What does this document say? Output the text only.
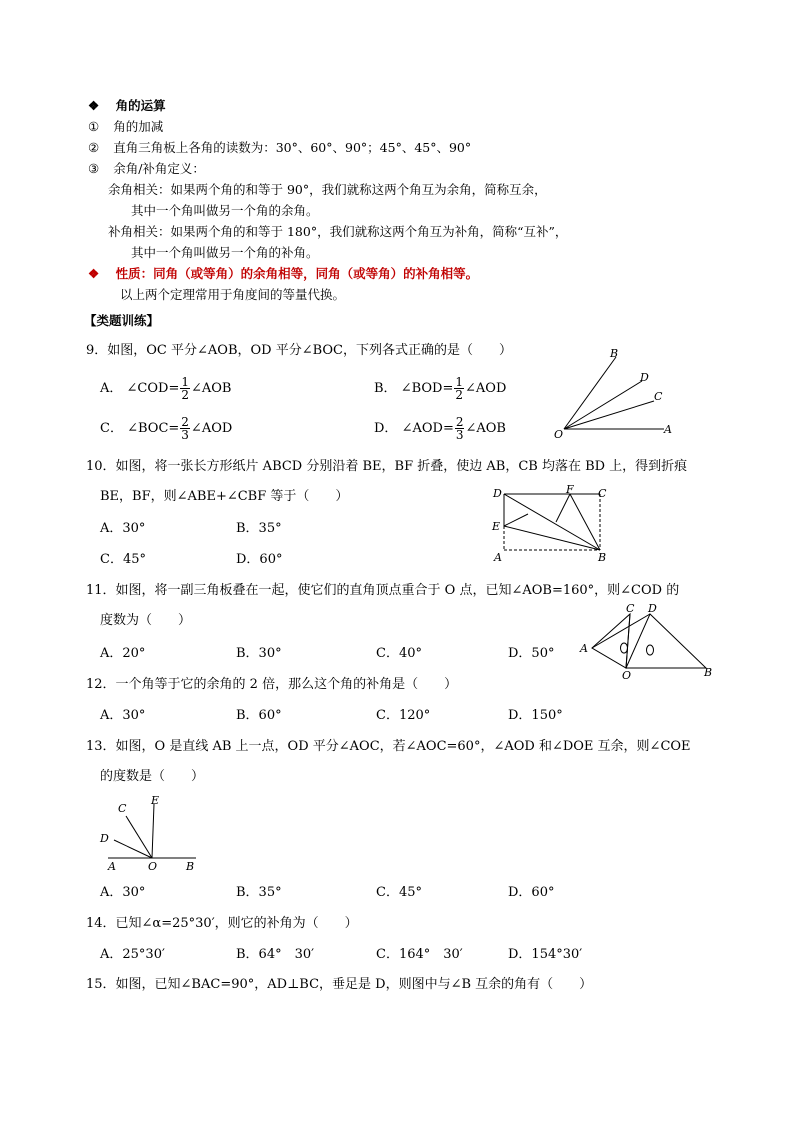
❖ 角的运算
① 角的加减
② 直角三角板上各角的读数为：30°、60°、90°；45°、45°、90°
③ 余角/补角定义：
余角相关：如果两个角的和等于 90°，我们就称这两个角互为余角，简称互余，
其中一个角叫做另一个角的余角。
补角相关：如果两个角的和等于 180°，我们就称这两个角互为补角，简称“互补”，
其中一个角叫做另一个角的补角。
❖ 性质：同角（或等角）的余角相等，同角（或等角）的补角相等。
以上两个定理常用于角度间的等量代换。
【类题训练】
9．如图，OC 平分∠AOB，OD 平分∠BOC，下列各式正确的是（　　）
A． ∠COD= $\frac{1}{2}$ ∠AOB	B． ∠BOD= $\frac{1}{2}$ ∠AOD
C． ∠BOC= $\frac{2}{3}$ ∠AOD	D． ∠AOD= $\frac{2}{3}$ ∠AOB
B
D
C
O	A
10．如图，将一张长方形纸片 ABCD 分别沿着 BE，BF 折叠，使边 AB，CB 均落在 BD 上，得到折痕
BE，BF，则∠ABE+∠CBF 等于（　　）
A．30°	B．35°
C．45°	D．60°
D	F C
E
A	B
11．如图，将一副三角板叠在一起，使它们的直角顶点重合于 O 点，已知∠AOB=160°，则∠COD 的
度数为（　　）
A．20°	B．30°	C．40°	D．50°
C D
A
O	B
12．一个角等于它的余角的 2 倍，那么这个角的补角是（　　）
A．30°	B．60°	C．120°	D．150°
13．如图，O 是直线 AB 上一点，OD 平分∠AOC，若∠AOC=60°，∠AOD 和∠DOE 互余，则∠COE
的度数是（　　）
C
E
D
A	O	B
A．30°	B．35°	C．45°	D．60°
14．已知∠α=25°30′，则它的补角为（　　）
A．25°30′	B．64°　30′	C．164°　30′	D．154°30′
15．如图，已知∠BAC=90°，AD⊥BC，垂足是 D，则图中与∠B 互余的角有（　　）
